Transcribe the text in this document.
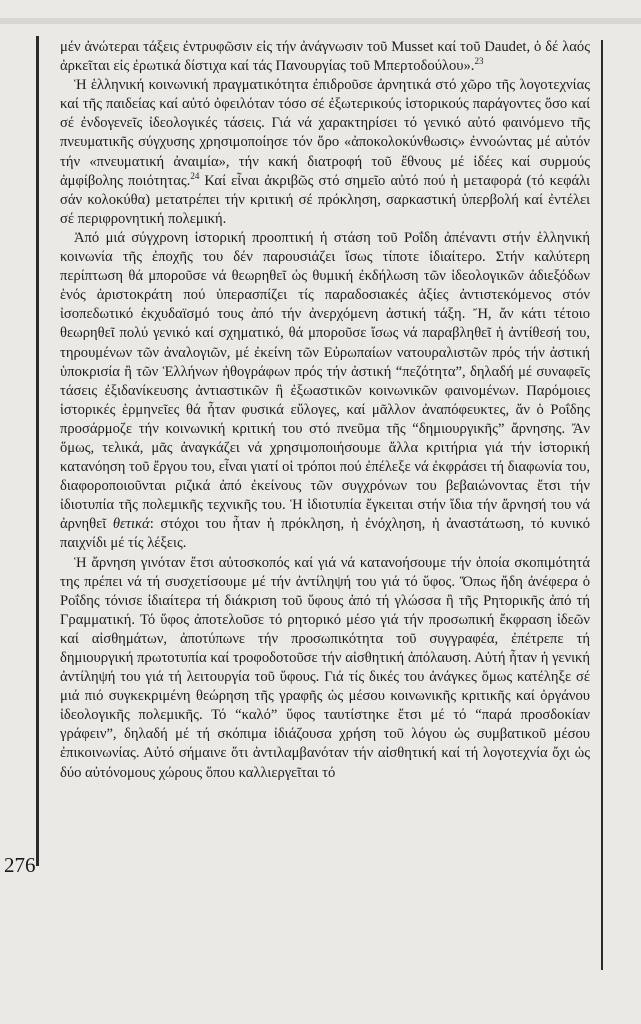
μέν ἀνώτεραι τάξεις ἐντρυφῶσιν εἰς τήν ἀνάγνωσιν τοῦ Musset καί τοῦ Daudet, ὁ δέ λαός ἀρκεῖται εἰς ἐρωτικά δίστιχα καί τάς Πανουργίας τοῦ Μπερτοδούλου».$^{23}$

Ἡ ἑλληνική κοινωνική πραγματικότητα ἐπιδροῦσε ἀρνητικά στό χῶρο τῆς λογοτεχνίας καί τῆς παιδείας καί αὐτό ὀφειλόταν τόσο σέ ἐξωτερικούς ἱστορικούς παράγοντες ὅσο καί σέ ἐνδογενεῖς ἰδεολογικές τάσεις. Γιά νά χαρακτηρίσει τό γενικό αὐτό φαινόμενο τῆς πνευματικῆς σύγχυσης χρησιμοποίησε τόν ὅρο «ἀποκολοκύνθωσις» ἐννοώντας μέ αὐτόν τήν «πνευματική ἀναιμία», τήν κακή διατροφή τοῦ ἔθνους μέ ἰδέες καί συρμούς ἀμφίβολης ποιότητας.$^{24}$ Καί εἶναι ἀκριβῶς στό σημεῖο αὐτό πού ἡ μεταφορά (τό κεφάλι σάν κολοκύθα) μετατρέπει τήν κριτική σέ πρόκληση, σαρκαστική ὑπερβολή καί ἐντέλει σέ περιφρονητική πολεμική.

Ἀπό μιά σύγχρονη ἱστορική προοπτική ἡ στάση τοῦ Ροΐδη ἀπέναντι στήν ἑλληνική κοινωνία τῆς ἐποχῆς του δέν παρουσιάζει ἴσως τίποτε ἰδιαίτερο. Στήν καλύτερη περίπτωση θά μποροῦσε νά θεωρηθεῖ ὡς θυμική ἐκδήλωση τῶν ἰδεολογικῶν ἀδιεξόδων ἑνός ἀριστοκράτη πού ὑπερασπίζει τίς παραδοσιακές ἀξίες ἀντιστεκόμενος στόν ἰσοπεδωτικό ἐκχυδαϊσμό τους ἀπό τήν ἀνερχόμενη ἀστική τάξη. Ἤ, ἄν κάτι τέτοιο θεωρηθεῖ πολύ γενικό καί σχηματικό, θά μποροῦσε ἴσως νά παραβληθεῖ ἡ ἀντίθεσή του, τηρουμένων τῶν ἀναλογιῶν, μέ ἐκείνη τῶν Εὐρωπαίων νατουραλιστῶν πρός τήν ἀστική ὑποκρισία ἢ τῶν Ἑλλήνων ἠθογράφων πρός τήν ἀστική “πεζότητα”, δηλαδή μέ συναφεῖς τάσεις ἐξιδανίκευσης ἀντιαστικῶν ἢ ἐξωαστικῶν κοινωνικῶν φαινομένων. Παρόμοιες ἱστορικές ἑρμηνεῖες θά ἦταν φυσικά εὔλογες, καί μᾶλλον ἀναπόφευκτες, ἄν ὁ Ροΐδης προσάρμοζε τήν κοινωνική κριτική του στό πνεῦμα τῆς “δημιουργικῆς” ἄρνησης. Ἄν ὅμως, τελικά, μᾶς ἀναγκάζει νά χρησιμοποιήσουμε ἄλλα κριτήρια γιά τήν ἱστορική κατανόηση τοῦ ἔργου του, εἶναι γιατί οἱ τρόποι πού ἐπέλεξε νά ἐκφράσει τή διαφωνία του, διαφοροποιοῦνται ριζικά ἀπό ἐκείνους τῶν συγχρόνων του βεβαιώνοντας ἔτσι τήν ἰδιοτυπία τῆς πολεμικῆς τεχνικῆς του. Ἡ ἰδιοτυπία ἔγκειται στήν ἴδια τήν ἄρνησή του νά ἀρνηθεῖ θετικά: στόχοι του ἦταν ἡ πρόκληση, ἡ ἐνόχληση, ἡ ἀναστάτωση, τό κυνικό παιχνίδι μέ τίς λέξεις.

Ἡ ἄρνηση γινόταν ἔτσι αὐτοσκοπός καί γιά νά κατανοήσουμε τήν ὁποία σκοπιμότητά της πρέπει νά τή συσχετίσουμε μέ τήν ἀντίληψή του γιά τό ὕφος. Ὅπως ἤδη ἀνέφερα ὁ Ροΐδης τόνισε ἰδιαίτερα τή διάκριση τοῦ ὕφους ἀπό τή γλώσσα ἢ τῆς Ρητορικῆς ἀπό τή Γραμματική. Τό ὕφος ἀποτελοῦσε τό ρητορικό μέσο γιά τήν προσωπική ἔκφραση ἰδεῶν καί αἰσθημάτων, ἀποτύπωνε τήν προσωπικότητα τοῦ συγγραφέα, ἐπέτρεπε τή δημιουργική πρωτοτυπία καί τροφοδοτοῦσε τήν αἰσθητική ἀπόλαυση. Αὐτή ἦταν ἡ γενική ἀντίληψή του γιά τή λειτουργία τοῦ ὕφους. Γιά τίς δικές του ἀνάγκες ὅμως κατέληξε σέ μιά πιό συγκεκριμένη θεώρηση τῆς γραφῆς ὡς μέσου κοινωνικῆς κριτικῆς καί ὀργάνου ἰδεολογικῆς πολεμικῆς. Τό “καλό” ὕφος ταυτίστηκε ἔτσι μέ τό “παρά προσδοκίαν γράφειν”, δηλαδή μέ τή σκόπιμα ἰδιάζουσα χρήση τοῦ λόγου ὡς συμβατικοῦ μέσου ἐπικοινωνίας. Αὐτό σήμαινε ὅτι ἀντιλαμβανόταν τήν αἰσθητική καί τή λογοτεχνία ὄχι ὡς δύο αὐτόνομους χώρους ὅπου καλλιεργεῖται τό

276
